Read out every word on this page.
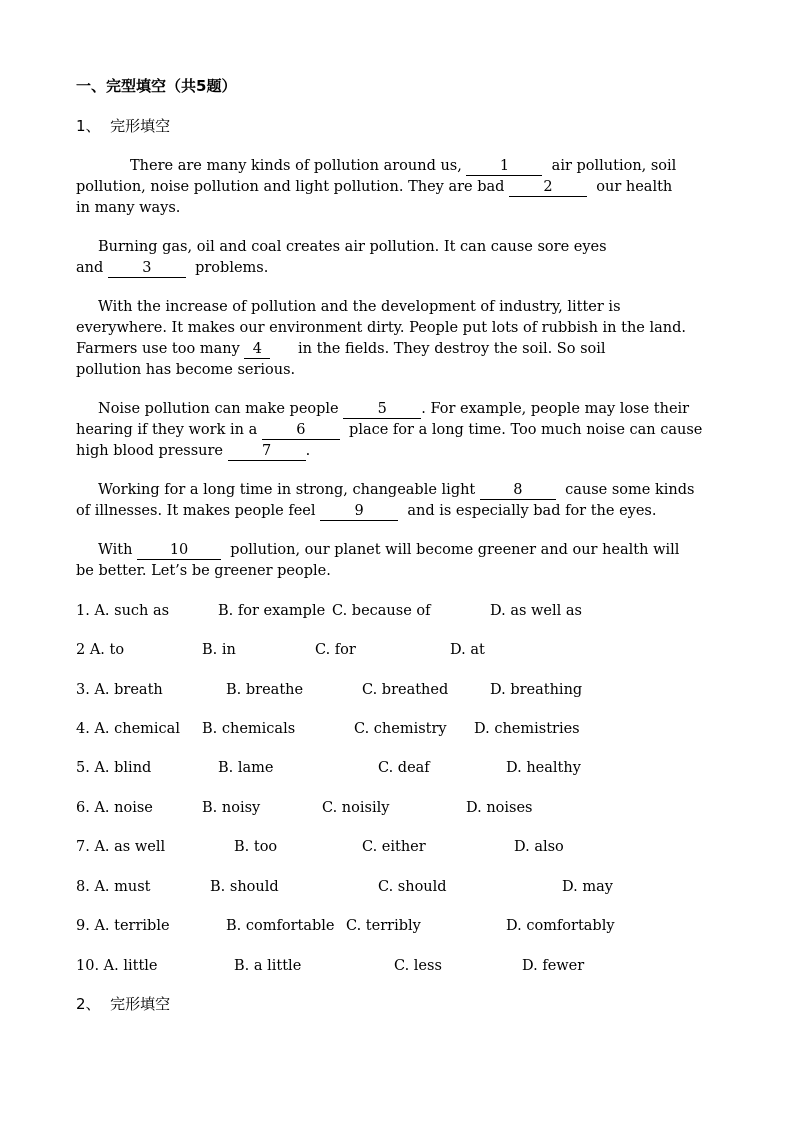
一、完型填空（共5题）
1、  完形填空
There are many kinds of pollution around us, 1  air pollution, soil
pollution, noise pollution and light pollution. They are bad 2  our health
in many ways.
Burning gas, oil and coal creates air pollution. It can cause sore eyes
and 3  problems.
With the increase of pollution and the development of industry, litter is
everywhere. It makes our environment dirty. People put lots of rubbish in the land.
Farmers use too many 4      in the fields. They destroy the soil. So soil
pollution has become serious.
Noise pollution can make people 5 . For example, people may lose their
hearing if they work in a 6  place for a long time. Too much noise can cause
high blood pressure 7 .
Working for a long time in strong, changeable light 8  cause some kinds
of illnesses. It makes people feel 9  and is especially bad for the eyes.
With 10  pollution, our planet will become greener and our health will
be better. Let’s be greener people.
1. A. such as	B. for example C. because of	D. as well as
2 A. to	B. in	C. for	D. at
3. A. breath	B. breathe	C. breathed	D. breathing
4. A. chemical B. chemicals	C. chemistry D. chemistries
5. A. blind	B. lame	C. deaf	D. healthy
6. A. noise	B. noisy	C. noisily	D. noises
7. A. as well	B. too	C. either	D. also
8. A. must	B. should	C. should	D. may
9. A. terrible	B. comfortable C. terribly	D. comfortably
10. A. little	B. a little	C. less	D. fewer
2、  完形填空
